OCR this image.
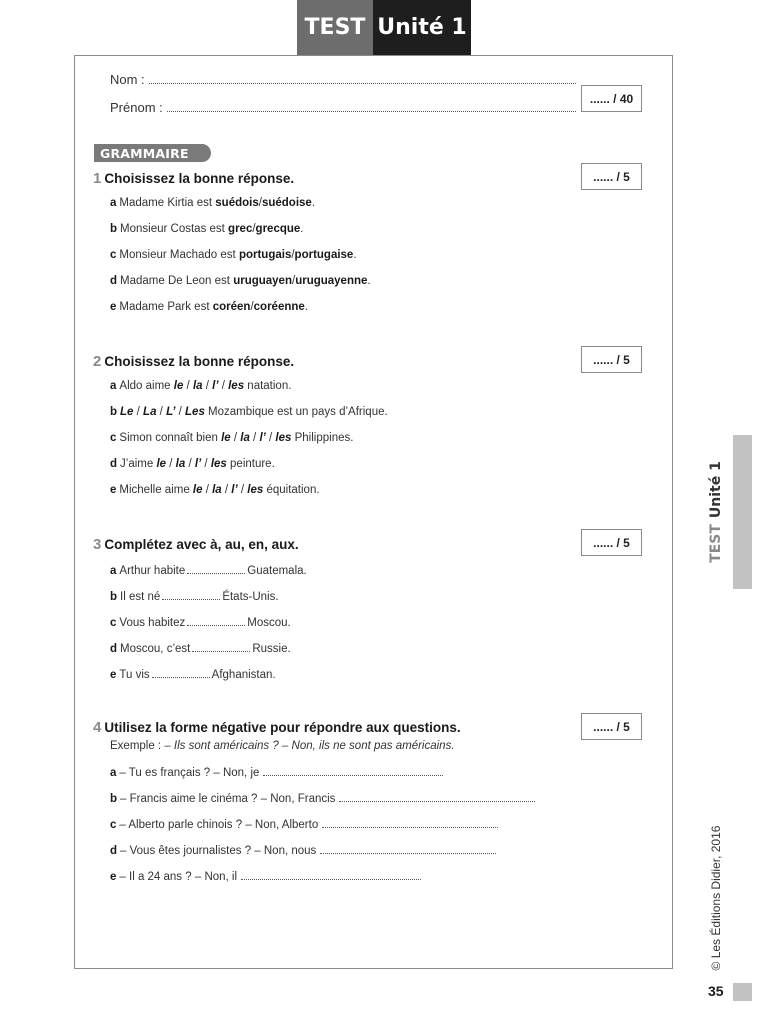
TEST Unité 1
Nom :
Prénom :
...... / 40
GRAMMAIRE
1 Choisissez la bonne réponse.	...... / 5
a Madame Kirtia est suédois/suédoise.
b Monsieur Costas est grec/grecque.
c Monsieur Machado est portugais/portugaise.
d Madame De Leon est uruguayen/uruguayenne.
e Madame Park est coréen/coréenne.
2 Choisissez la bonne réponse.	...... / 5
a Aldo aime le / la / l’ / les natation.
b Le / La / L’ / Les Mozambique est un pays d’Afrique.
c Simon connaît bien le / la / l’ / les Philippines.
d J’aime le / la / l’ / les peinture.
e Michelle aime le / la / l’ / les équitation.
3 Complétez avec à, au, en, aux.	...... / 5
a Arthur habite	Guatemala.
b Il est né	États-Unis.
c Vous habitez	Moscou.
d Moscou, c’est	Russie.
e Tu vis	Afghanistan.
4 Utilisez la forme négative pour répondre aux questions.	...... / 5
Exemple : – Ils sont américains ? – Non, ils ne sont pas américains.
a – Tu es français ? – Non, je
b – Francis aime le cinéma ? – Non, Francis
c – Alberto parle chinois ? – Non, Alberto
d – Vous êtes journalistes ? – Non, nous
e – Il a 24 ans ? – Non, il
TESTUnité 1
© Les Éditions Didier, 2016
35
